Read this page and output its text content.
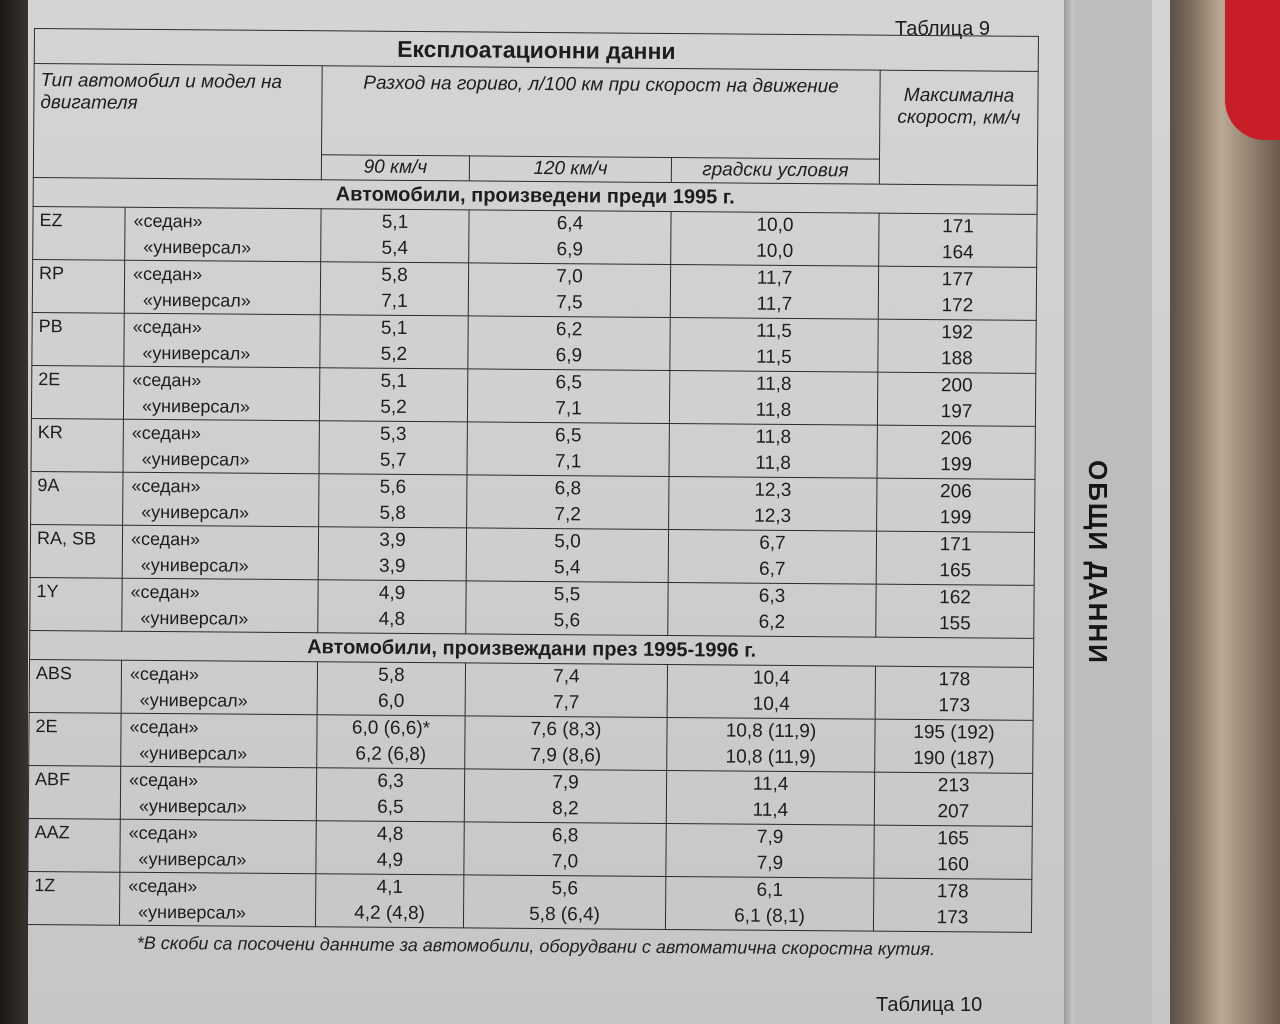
ОБЩИ ДАННИ
Таблица 9
Експлоатационни данни					
Тип автомобил и модел на двигателя		Разход на гориво, л/100 км при скорост на движение			Максимална скорост, км/ч
		90 км/ч	120 км/ч	градски условия	
Автомобили, произведени преди 1995 г.					
EZ	«седан»	5,1	6,4	10,0	171
	«универсал»	5,4	6,9	10,0	164
RP	«седан»	5,8	7,0	11,7	177
	«универсал»	7,1	7,5	11,7	172
PB	«седан»	5,1	6,2	11,5	192
	«универсал»	5,2	6,9	11,5	188
2E	«седан»	5,1	6,5	11,8	200
	«универсал»	5,2	7,1	11,8	197
KR	«седан»	5,3	6,5	11,8	206
	«универсал»	5,7	7,1	11,8	199
9A	«седан»	5,6	6,8	12,3	206
	«универсал»	5,8	7,2	12,3	199
RA, SB	«седан»	3,9	5,0	6,7	171
	«универсал»	3,9	5,4	6,7	165
1Y	«седан»	4,9	5,5	6,3	162
	«универсал»	4,8	5,6	6,2	155
Автомобили, произвеждани през 1995-1996 г.					
ABS	«седан»	5,8	7,4	10,4	178
	«универсал»	6,0	7,7	10,4	173
2E	«седан»	6,0 (6,6)*	7,6 (8,3)	10,8 (11,9)	195 (192)
	«универсал»	6,2 (6,8)	7,9 (8,6)	10,8 (11,9)	190 (187)
ABF	«седан»	6,3	7,9	11,4	213
	«универсал»	6,5	8,2	11,4	207
AAZ	«седан»	4,8	6,8	7,9	165
	«универсал»	4,9	7,0	7,9	160
1Z	«седан»	4,1	5,6	6,1	178
	«универсал»	4,2 (4,8)	5,8 (6,4)	6,1 (8,1)	173
*В скоби са посочени данните за автомобили, оборудвани с автоматична скоростна кутия.
Таблица 10
